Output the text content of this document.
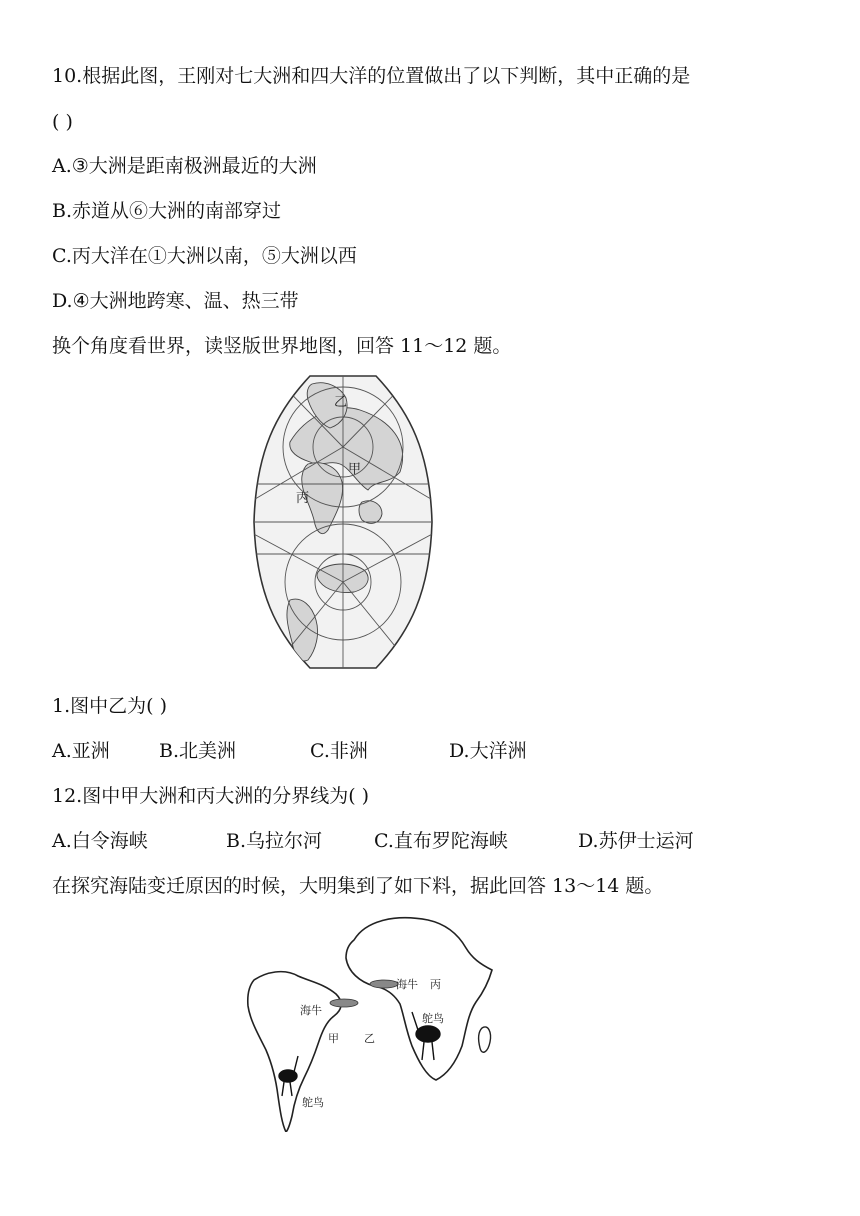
10.根据此图，王刚对七大洲和四大洋的位置做出了以下判断，其中正确的是
( )
A.③大洲是距南极洲最近的大洲
B.赤道从⑥大洲的南部穿过
C.丙大洋在①大洲以南，⑤大洲以西
D.④大洲地跨寒、温、热三带
换个角度看世界，读竖版世界地图，回答 11～12 题。
乙
甲
丙
1.图中乙为( )
A.亚洲	B.北美洲	C.非洲	D.大洋洲
12.图中甲大洲和丙大洲的分界线为( )
A.白令海峡	B.乌拉尔河	C.直布罗陀海峡	D.苏伊士运河
在探究海陆变迁原因的时候，大明集到了如下料，据此回答 13～14 题。
海牛
甲 乙
鸵鸟
海牛 丙
鸵鸟
